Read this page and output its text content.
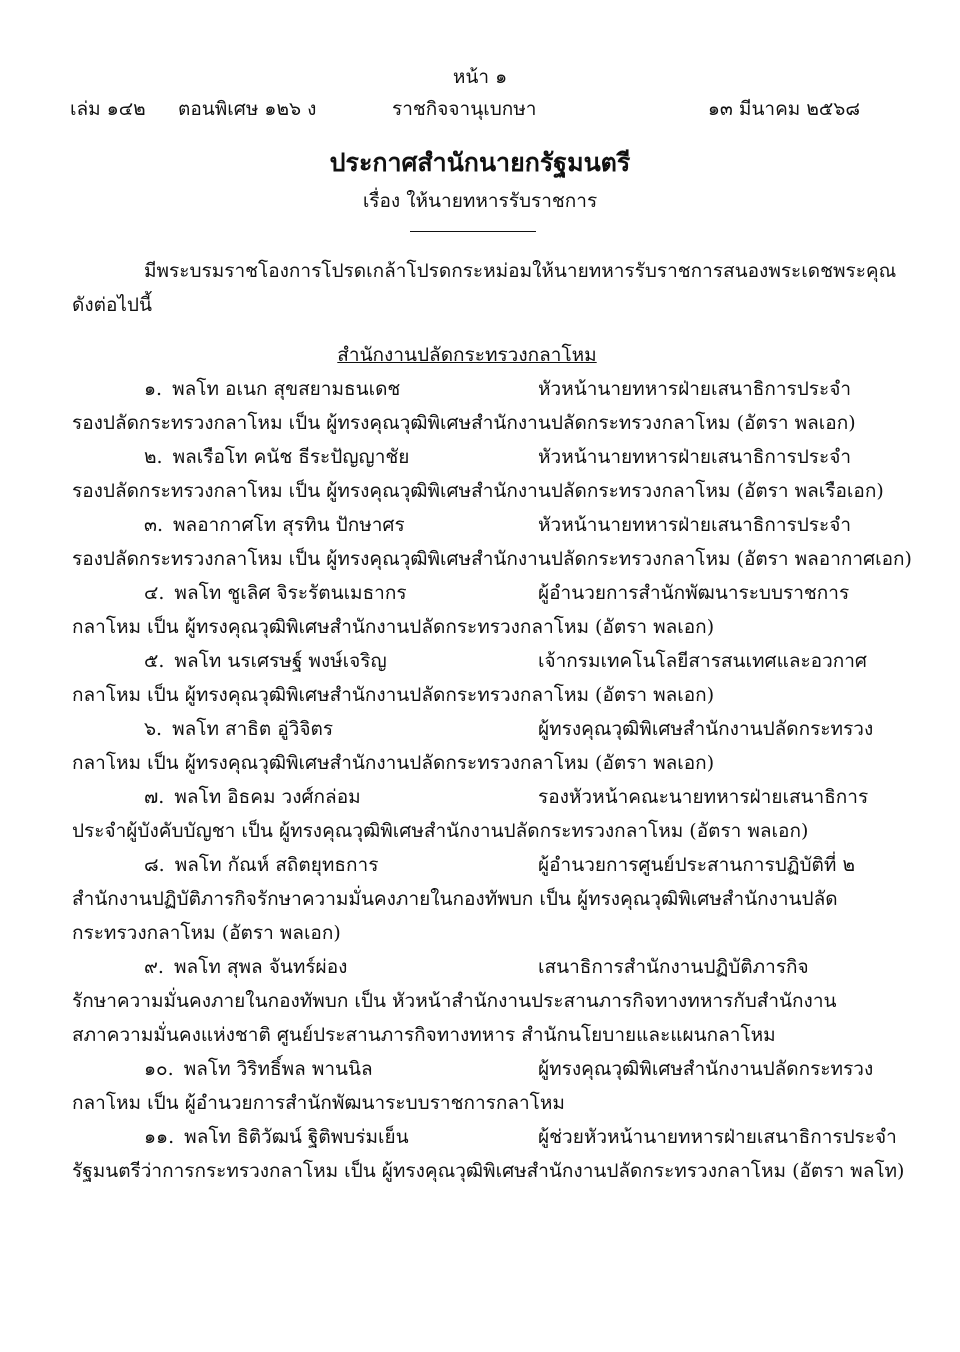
หน้า ๑
เล่ม ๑๔๒ ตอนพิเศษ ๑๒๖ ง	ราชกิจจานุเบกษา	๑๓ มีนาคม ๒๕๖๘
ประกาศสำนักนายกรัฐมนตรี
เรื่อง ให้นายทหารรับราชการ
มีพระบรมราชโองการโปรดเกล้าโปรดกระหม่อมให้นายทหารรับราชการสนองพระเดชพระคุณ
ดังต่อไปนี้
สำนักงานปลัดกระทรวงกลาโหม
๑. พลโท อเนก สุขสยามธนเดช	หัวหน้านายทหารฝ่ายเสนาธิการประจำ
รองปลัดกระทรวงกลาโหม เป็น ผู้ทรงคุณวุฒิพิเศษสำนักงานปลัดกระทรวงกลาโหม (อัตรา พลเอก)
๒. พลเรือโท คนัช ธีระปัญญาชัย	หัวหน้านายทหารฝ่ายเสนาธิการประจำ
รองปลัดกระทรวงกลาโหม เป็น ผู้ทรงคุณวุฒิพิเศษสำนักงานปลัดกระทรวงกลาโหม (อัตรา พลเรือเอก)
๓. พลอากาศโท สุรทิน ปักษาศร	หัวหน้านายทหารฝ่ายเสนาธิการประจำ
รองปลัดกระทรวงกลาโหม เป็น ผู้ทรงคุณวุฒิพิเศษสำนักงานปลัดกระทรวงกลาโหม (อัตรา พลอากาศเอก)
๔. พลโท ชูเลิศ จิระรัตนเมธากร	ผู้อำนวยการสำนักพัฒนาระบบราชการ
กลาโหม เป็น ผู้ทรงคุณวุฒิพิเศษสำนักงานปลัดกระทรวงกลาโหม (อัตรา พลเอก)
๕. พลโท นรเศรษฐ์ พงษ์เจริญ	เจ้ากรมเทคโนโลยีสารสนเทศและอวกาศ
กลาโหม เป็น ผู้ทรงคุณวุฒิพิเศษสำนักงานปลัดกระทรวงกลาโหม (อัตรา พลเอก)
๖. พลโท สาธิต อู่วิจิตร	ผู้ทรงคุณวุฒิพิเศษสำนักงานปลัดกระทรวง
กลาโหม เป็น ผู้ทรงคุณวุฒิพิเศษสำนักงานปลัดกระทรวงกลาโหม (อัตรา พลเอก)
๗. พลโท อิธคม วงศ์กล่อม	รองหัวหน้าคณะนายทหารฝ่ายเสนาธิการ
ประจำผู้บังคับบัญชา เป็น ผู้ทรงคุณวุฒิพิเศษสำนักงานปลัดกระทรวงกลาโหม (อัตรา พลเอก)
๘. พลโท กัณห์ สถิตยุทธการ	ผู้อำนวยการศูนย์ประสานการปฏิบัติที่ ๒
สำนักงานปฏิบัติภารกิจรักษาความมั่นคงภายในกองทัพบก เป็น ผู้ทรงคุณวุฒิพิเศษสำนักงานปลัด
กระทรวงกลาโหม (อัตรา พลเอก)
๙. พลโท สุพล จันทร์ผ่อง	เสนาธิการสำนักงานปฏิบัติภารกิจ
รักษาความมั่นคงภายในกองทัพบก เป็น หัวหน้าสำนักงานประสานภารกิจทางทหารกับสำนักงาน
สภาความมั่นคงแห่งชาติ ศูนย์ประสานภารกิจทางทหาร สำนักนโยบายและแผนกลาโหม
๑๐. พลโท วิริทธิ์พล พานนิล	ผู้ทรงคุณวุฒิพิเศษสำนักงานปลัดกระทรวง
กลาโหม เป็น ผู้อำนวยการสำนักพัฒนาระบบราชการกลาโหม
๑๑. พลโท ธิติวัฒน์ ฐิติพบร่มเย็น	ผู้ช่วยหัวหน้านายทหารฝ่ายเสนาธิการประจำ
รัฐมนตรีว่าการกระทรวงกลาโหม เป็น ผู้ทรงคุณวุฒิพิเศษสำนักงานปลัดกระทรวงกลาโหม (อัตรา พลโท)
